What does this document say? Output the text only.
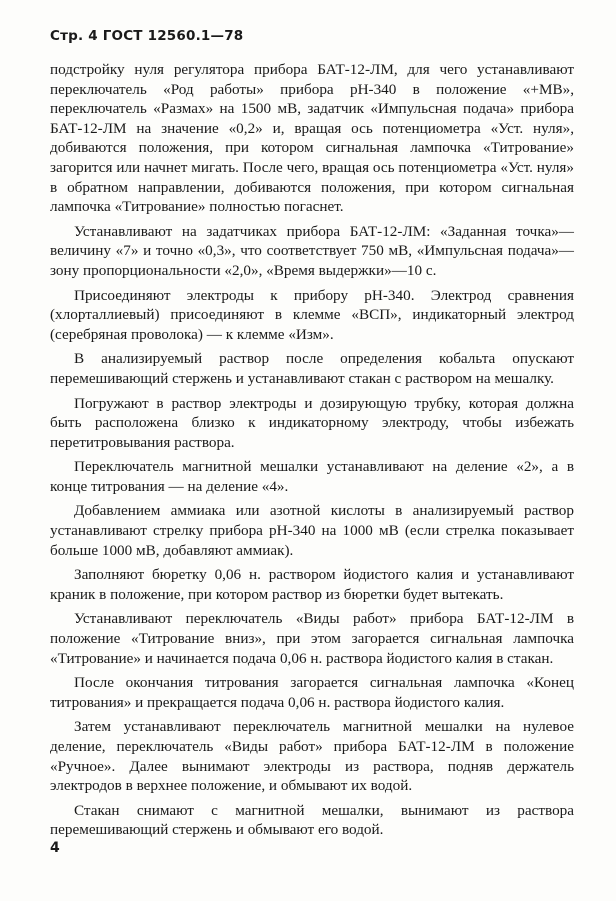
Стр. 4 ГОСТ 12560.1—78

подстройку нуля регулятора прибора БАТ-12-ЛМ, для чего устанавливают переключатель «Род работы» прибора рН-340 в положение «+МВ», переключатель «Размах» на 1500 мВ, задатчик «Импульсная подача» прибора БАТ-12-ЛМ на значение «0,2» и, вращая ось потенциометра «Уст. нуля», добиваются положения, при котором сигнальная лампочка «Титрование» загорится или начнет мигать. После чего, вращая ось потенциометра «Уст. нуля» в обратном направлении, добиваются положения, при котором сигнальная лампочка «Титрование» полностью погаснет.

Устанавливают на задатчиках прибора БАТ-12-ЛМ: «Заданная точка»—величину «7» и точно «0,3», что соответствует 750 мВ, «Импульсная подача»—зону пропорциональности «2,0», «Время выдержки»—10 с.

Присоединяют электроды к прибору рН-340. Электрод сравнения (хлорталлиевый) присоединяют в клемме «ВСП», индикаторный электрод (серебряная проволока) — к клемме «Изм».

В анализируемый раствор после определения кобальта опускают перемешивающий стержень и устанавливают стакан с раствором на мешалку.

Погружают в раствор электроды и дозирующую трубку, которая должна быть расположена близко к индикаторному электроду, чтобы избежать перетитровывания раствора.

Переключатель магнитной мешалки устанавливают на деление «2», а в конце титрования — на деление «4».

Добавлением аммиака или азотной кислоты в анализируемый раствор устанавливают стрелку прибора рН-340 на 1000 мВ (если стрелка показывает больше 1000 мВ, добавляют аммиак).

Заполняют бюретку 0,06 н. раствором йодистого калия и устанавливают краник в положение, при котором раствор из бюретки будет вытекать.

Устанавливают переключатель «Виды работ» прибора БАТ-12-ЛМ в положение «Титрование вниз», при этом загорается сигнальная лампочка «Титрование» и начинается подача 0,06 н. раствора йодистого калия в стакан.

После окончания титрования загорается сигнальная лампочка «Конец титрования» и прекращается подача 0,06 н. раствора йодистого калия.

Затем устанавливают переключатель магнитной мешалки на нулевое деление, переключатель «Виды работ» прибора БАТ-12-ЛМ в положение «Ручное». Далее вынимают электроды из раствора, подняв держатель электродов в верхнее положение, и обмывают их водой.

Стакан снимают с магнитной мешалки, вынимают из раствора перемешивающий стержень и обмывают его водой.

4
